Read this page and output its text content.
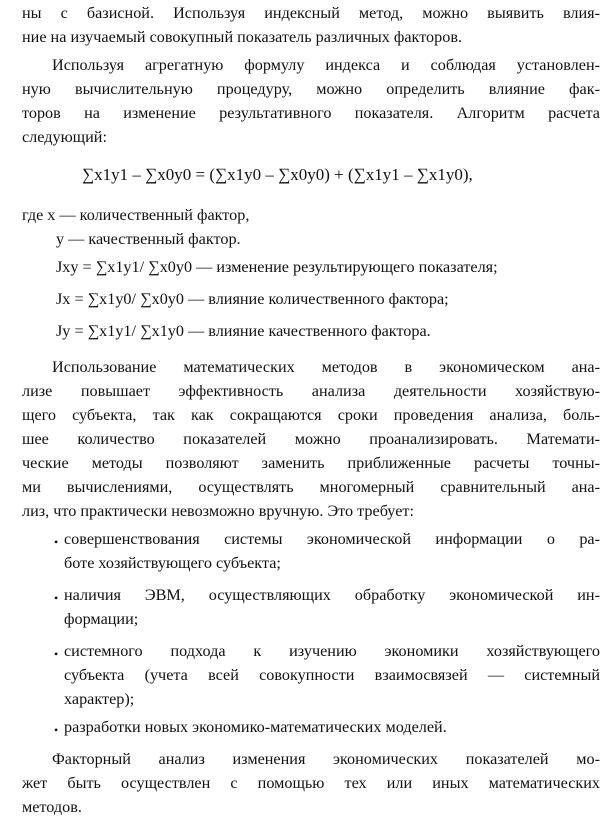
ны с базисной. Используя индексный метод, можно выявить влия-
ние на изучаемый совокупный показатель различных факторов.
Используя агрегатную формулу индекса и соблюдая установлен-
ную вычислительную процедуру, можно определить влияние фак-
торов на изменение результативного показателя. Алгоритм расчета
следующий:
∑x1y1 – ∑x0y0 = (∑x1y0 – ∑x0y0) + (∑x1y1 – ∑x1y0),
где x — количественный фактор,
y — качественный фактор.
Jxy = ∑x1y1/ ∑x0y0 — изменение результирующего показателя;
Jx = ∑x1y0/ ∑x0y0 — влияние количественного фактора;
Jy = ∑x1y1/ ∑x1y0 — влияние качественного фактора.
Использование математических методов в экономическом ана-
лизе повышает эффективность анализа деятельности хозяйствую-
щего субъекта, так как сокращаются сроки проведения анализа, боль-
шее количество показателей можно проанализировать. Математи-
ческие методы позволяют заменить приближенные расчеты точны-
ми вычислениями, осуществлять многомерный сравнительный ана-
лиз, что практически невозможно вручную. Это требует:
• совершенствования системы экономической информации о ра-
боте хозяйствующего субъекта;
• наличия ЭВМ, осуществляющих обработку экономической ин-
формации;
• системного подхода к изучению экономики хозяйствующего
субъекта (учета всей совокупности взаимосвязей — системный
характер);
• разработки новых экономико-математических моделей.
Факторный анализ изменения экономических показателей мо-
жет быть осуществлен с помощью тех или иных математических
методов.
